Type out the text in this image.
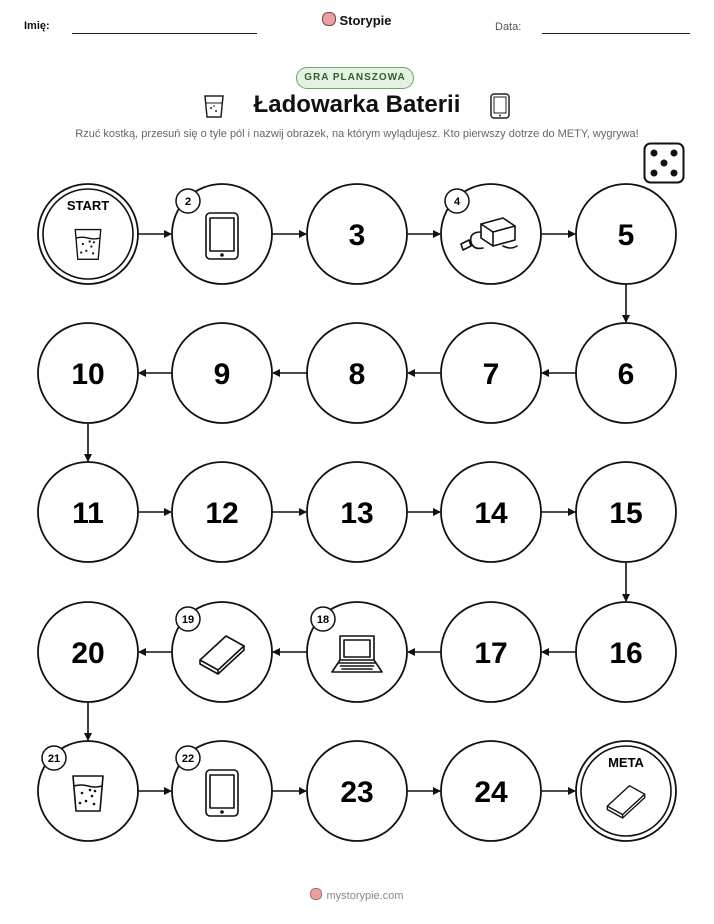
Imię:	Storypie	Data:
GRA PLANSZOWA
Ładowarka Baterii
Rzuć kostką, przesuń się o tyle pól i nazwij obrazek, na którym wylądujesz. Kto pierwszy dotrze do METY, wygrywa!
START	2
3
4
5
6
7
8
9
10
11	12	13	14	15
16
17
18
19
20
21	22
23	24
META
mystorypie.com
